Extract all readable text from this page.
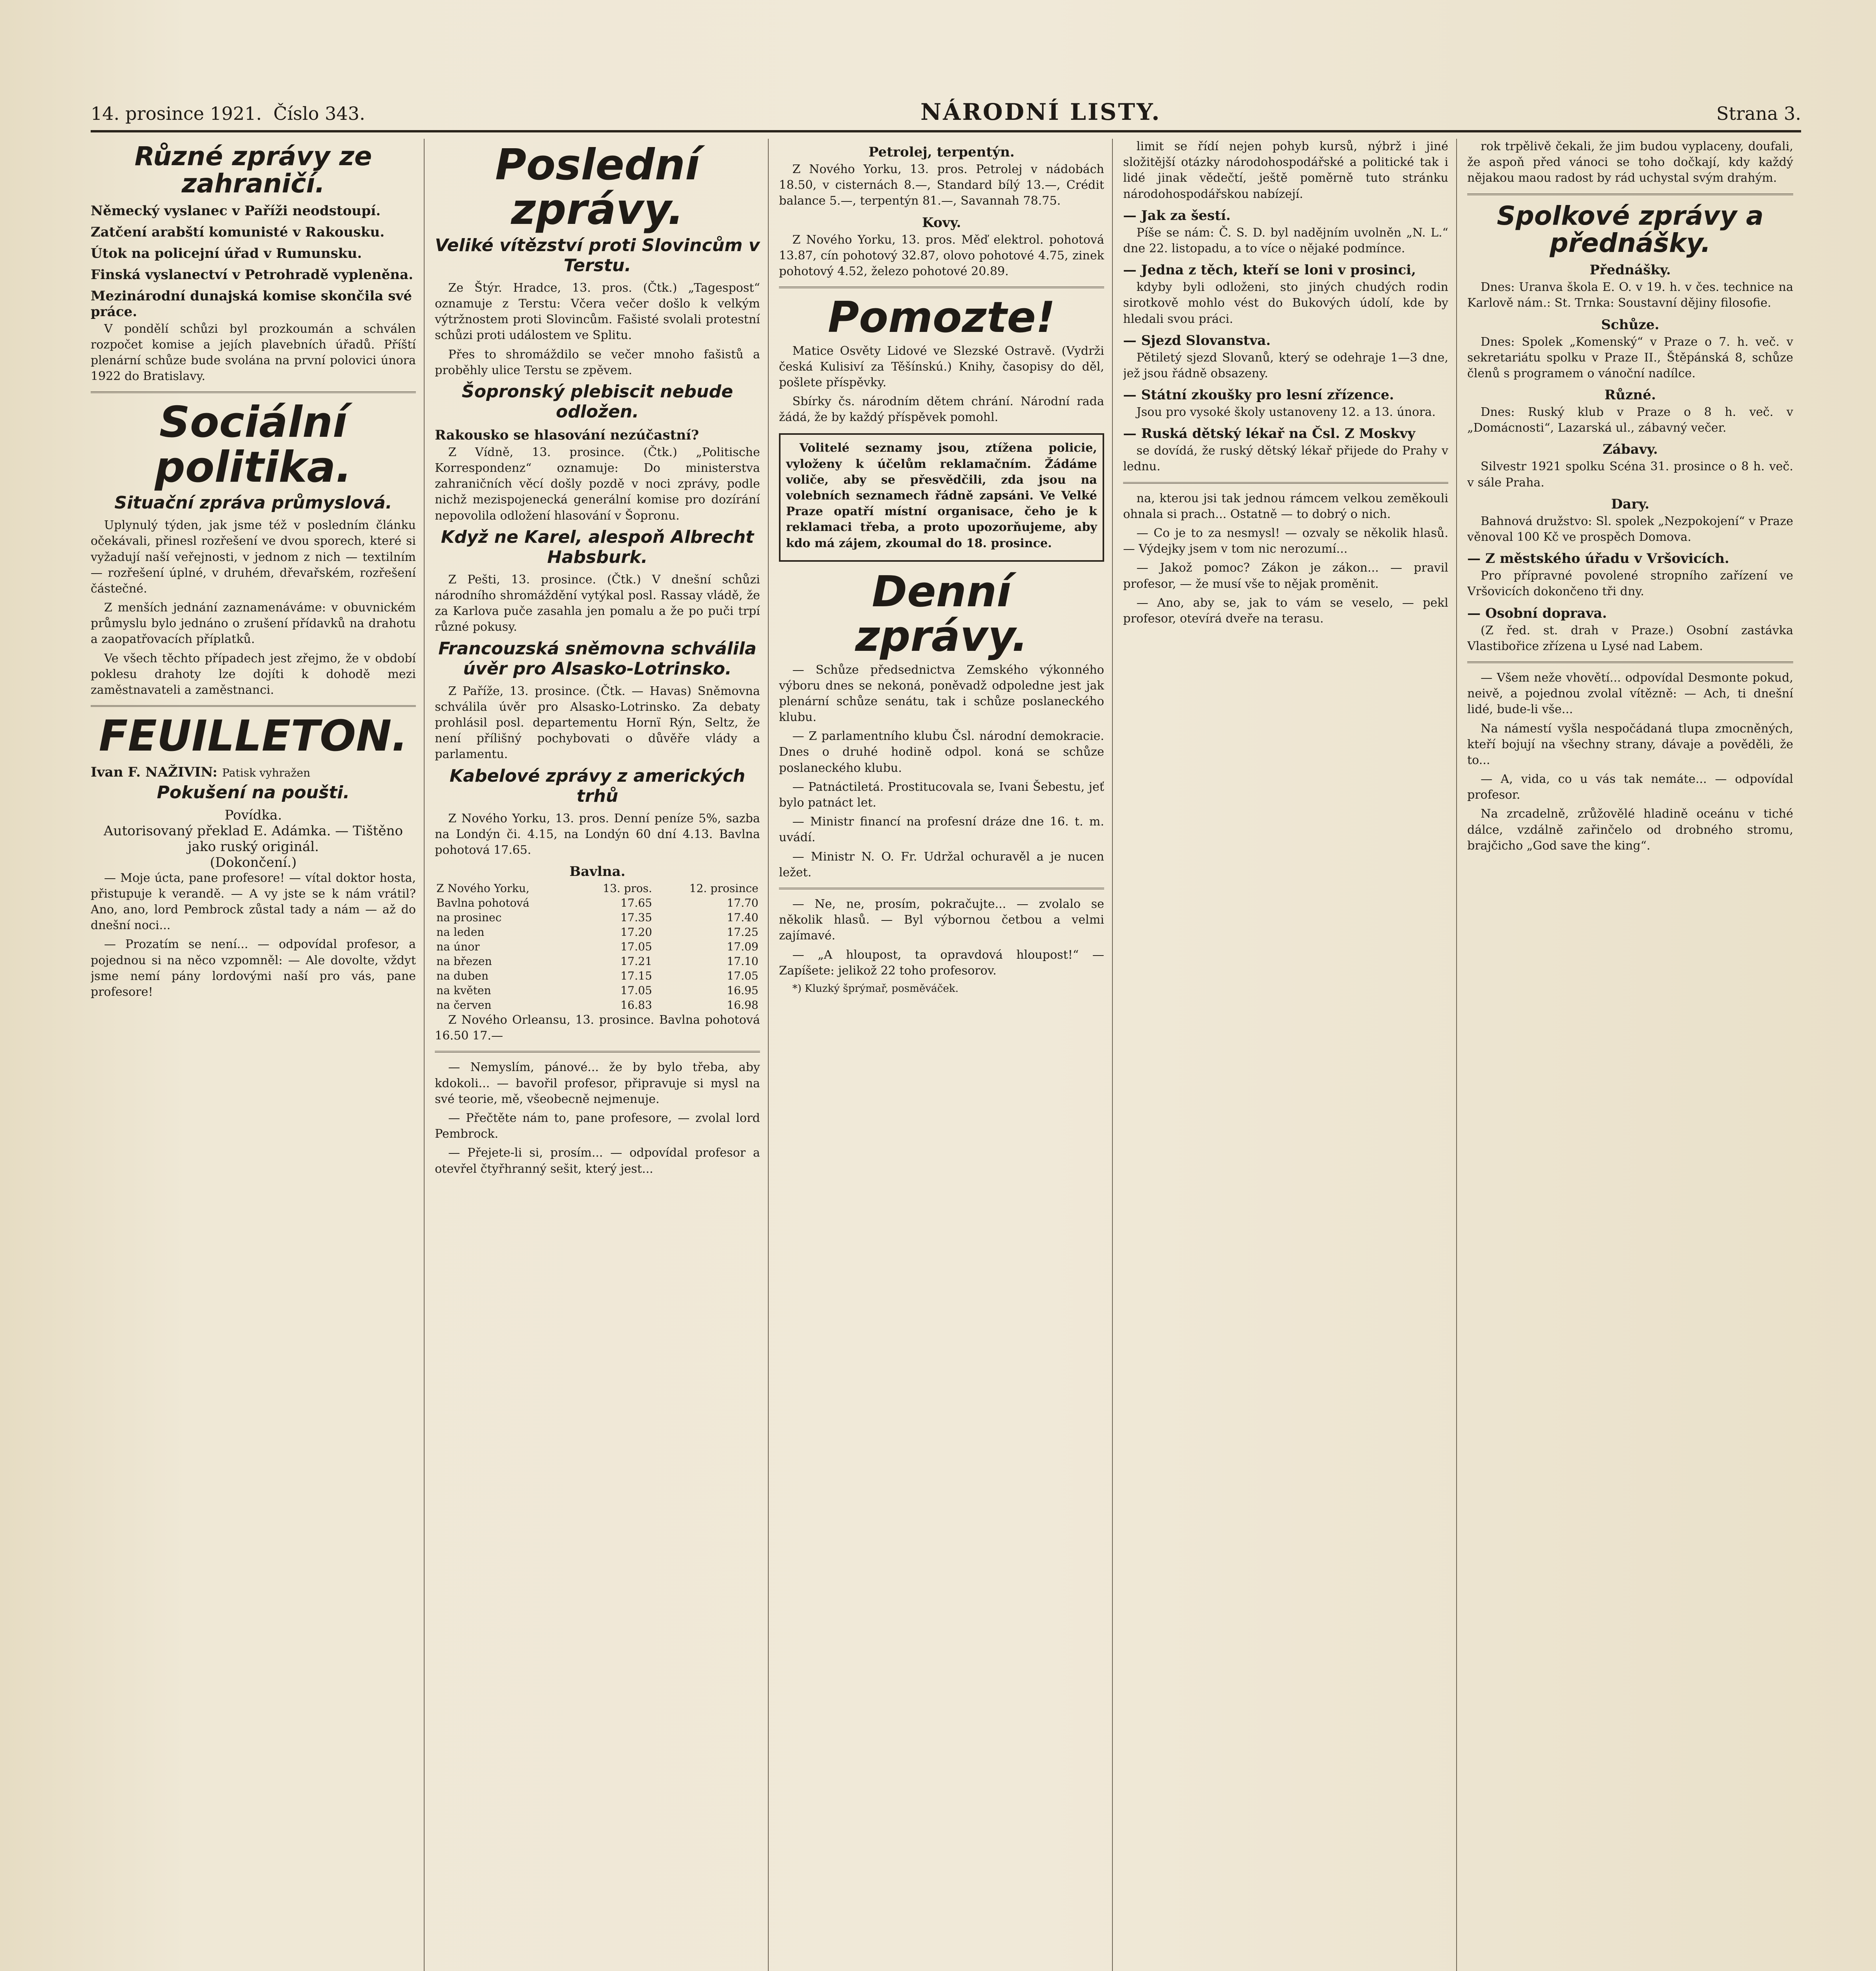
14. prosince 1921. Číslo 343.	NÁRODNÍ LISTY.	Strana 3.
Různé zprávy ze zahraničí.
Německý vyslanec v Paříži neodstoupí.
Zatčení arabští komunisté v Rakousku.
Útok na policejní úřad v Rumunsku.
Finská vyslanectví v Petrohradě vypleněna.
Mezinárodní dunajská komise skončila své práce.

V pondělí schůzi byl prozkoumán a schválen rozpočet komise a jejích plavebních úřadů. Příští plenární schůze bude svolána na první polovici února 1922 do Bratislavy.

Sociální politika.
Situační zpráva průmyslová.

Uplynulý týden, jak jsme též v posledním článku očekávali, přinesl rozřešení ve dvou sporech, které si vyžadují naší veřejnosti, v jednom z nich — textilním — rozřešení úplné, v druhém, dřevařském, rozřešení částečné.

Z menších jednání zaznamenáváme: v obuvnickém průmyslu bylo jednáno o zrušení přídavků na drahotu a zaopatřovacích příplatků.

Ve všech těchto případech jest zřejmo, že v období poklesu drahoty lze dojíti k dohodě mezi zaměstnavateli a zaměstnanci.

FEUILLETON.
Ivan F. NAŽIVIN: Patisk vyhražen
Pokušení na poušti.
Povídka.
Autorisovaný překlad E. Adámka. — Tištěno jako ruský originál.
(Dokončení.)

— Moje úcta, pane profesore! — vítal doktor hosta, přistupuje k verandě. — A vy jste se k nám vrátil? Ano, ano, lord Pembrock zůstal tady a nám — až do dnešní noci...

— Prozatím se není... — odpovídal profesor, a pojednou si na něco vzpomněl: — Ale dovolte, vždyt jsme nemí pány lordovými naší pro vás, pane profesore!

Poslední zprávy.
Veliké vítězství proti Slovincům v Terstu.

Ze Štýr. Hradce, 13. pros. (Čtk.) „Tagespost“ oznamuje z Terstu: Včera večer došlo k velkým výtržnostem proti Slovincům. Fašisté svolali protestní schůzi proti událostem ve Splitu.

Přes to shromáždilo se večer mnoho fašistů a proběhly ulice Terstu se zpěvem.

Šopronský plebiscit nebude odložen.
Rakousko se hlasování nezúčastní?

Z Vídně, 13. prosince. (Čtk.) „Politische Korrespondenz“ oznamuje: Do ministerstva zahraničních věcí došly pozdě v noci zprávy, podle nichž mezispojenecká generální komise pro dozírání nepovolila odložení hlasování v Šopronu.

Když ne Karel, alespoň Albrecht Habsburk.

Z Pešti, 13. prosince. (Čtk.) V dnešní schůzi národního shromáždění vytýkal posl. Rassay vládě, že za Karlova puče zasahla jen pomalu a že po puči trpí různé pokusy.

Francouzská sněmovna schválila úvěr pro Alsasko-Lotrinsko.

Z Paříže, 13. prosince. (Čtk. — Havas) Sněmovna schválila úvěr pro Alsasko-Lotrinsko. Za debaty prohlásil posl. departementu Hornï Rýn, Seltz, že není přílišný pochybovati o důvěře vlády a parlamentu.

Kabelové zprávy z amerických trhů

Z Nového Yorku, 13. pros. Denní peníze 5%, sazba na Londýn či. 4.15, na Londýn 60 dní 4.13. Bavlna pohotová 17.65.

Bavlna.
Z Nového Yorku,	13. pros.	12. prosince
Bavlna pohotová	17.65	17.70
na prosinec	17.35	17.40
na leden	17.20	17.25
na únor	17.05	17.09
na březen	17.21	17.10
na duben	17.15	17.05
na květen	17.05	16.95
na červen	16.83	16.98

Z Nového Orleansu, 13. prosince. Bavlna pohotová 16.50 17.—

— Nemyslím, pánové... že by bylo třeba, aby kdokoli... — bavořil profesor, připravuje si mysl na své teorie, mě, všeobecně nejmenuje.

— Přečtěte nám to, pane profesore, — zvolal lord Pembrock.

— Přejete-li si, prosím... — odpovídal profesor a otevřel čtyřhranný sešit, který jest...

Petrolej, terpentýn.

Z Nového Yorku, 13. pros. Petrolej v nádobách 18.50, v cisternách 8.—, Standard bílý 13.—, Crédit balance 5.—, terpentýn 81.—, Savannah 78.75.

Kovy.

Z Nového Yorku, 13. pros. Měď elektrol. pohotová 13.87, cín pohotový 32.87, olovo pohotové 4.75, zinek pohotový 4.52, železo pohotové 20.89.

Pomozte!

Matice Osvěty Lidové ve Slezské Ostravě. (Vydrži česká Kulisiví za Těšínskú.) Knihy, časopisy do děl, pošlete příspěvky.

Sbírky čs. národním dětem chrání. Národní rada žádá, že by každý příspěvek pomohl.

Volitelé seznamy jsou, ztížena policie, vyloženy k účelům reklamačním. Žádáme voliče, aby se přesvědčili, zda jsou na volebních seznamech řádně zapsáni. Ve Velké Praze opatří místní organisace, čeho je k reklamaci třeba, a proto upozorňujeme, aby kdo má zájem, zkoumal do 18. prosince.

Denní zprávy.

— Schůze předsednictva Zemského výkonného výboru dnes se nekoná, poněvadž odpoledne jest jak plenární schůze senátu, tak i schůze poslaneckého klubu.

— Z parlamentního klubu Čsl. národní demokracie. Dnes o druhé hodině odpol. koná se schůze poslaneckého klubu.

— Patnáctiletá. Prostitucovala se, Ivani Šebestu, jeť bylo patnáct let.

— Ministr financí na profesní dráze dne 16. t. m. uvádí.

— Ministr N. O. Fr. Udržal ochuravěl a je nucen ležet.

— Ne, ne, prosím, pokračujte... — zvolalo se několik hlasů. — Byl výbornou četbou a velmi zajímavé.

— „A hloupost, ta opravdová hloupost!“ — Zapíšete: jelikož 22 toho profesorov.

*) Kluzký šprýmař, posměváček.

limit se řídí nejen pohyb kursů, nýbrž i jiné složitější otázky národohospodářské a politické tak i lidé jinak vědečtí, ještě poměrně tuto stránku národohospodářskou nabízejí.

— Jak za šestí.

Píše se nám: Č. S. D. byl nadějním uvolněn „N. L.“ dne 22. listopadu, a to více o nějaké podmínce.

— Jedna z těch, kteří se loni v prosinci,

kdyby byli odloženi, sto jiných chudých rodin sirotkově mohlo vést do Bukových údolí, kde by hledali svou práci.

— Sjezd Slovanstva.

Pětiletý sjezd Slovanů, který se odehraje 1—3 dne, jež jsou řádně obsazeny.

— Státní zkoušky pro lesní zřízence.

Jsou pro vysoké školy ustanoveny 12. a 13. února.

— Ruská dětský lékař na Čsl. Z Moskvy

se dovídá, že ruský dětský lékař přijede do Prahy v lednu.

na, kterou jsi tak jednou rámcem velkou zeměkouli ohnala si prach... Ostatně — to dobrý o nich.

— Co je to za nesmysl! — ozvaly se několik hlasů. — Výdejky jsem v tom nic nerozumí...

— Jakož pomoc? Zákon je zákon... — pravil profesor, — že musí vše to nějak proměnit.

— Ano, aby se, jak to vám se veselo, — pekl profesor, otevírá dveře na terasu.

rok trpělivě čekali, že jim budou vyplaceny, doufali, že aspoň před vánoci se toho dočkají, kdy každý nějakou maou radost by rád uchystal svým drahým.

Spolkové zprávy a přednášky.
Přednášky.

Dnes: Uranva škola E. O. v 19. h. v čes. technice na Karlově nám.: St. Trnka: Soustavní dějiny filosofie.

Schůze.

Dnes: Spolek „Komenský“ v Praze o 7. h. več. v sekretariátu spolku v Praze II., Štěpánská 8, schůze členů s programem o vánoční nadílce.

Různé.

Dnes: Ruský klub v Praze o 8 h. več. v „Domácnosti“, Lazarská ul., zábavný večer.

Zábavy.

Silvestr 1921 spolku Scéna 31. prosince o 8 h. več. v sále Praha.

Dary.

Bahnová družstvo: Sl. spolek „Nezpokojení“ v Praze věnoval 100 Kč ve prospěch Domova.

— Z městského úřadu v Vršovicích.

Pro přípravné povolené stropního zařízení ve Vršovicích dokončeno tři dny.

— Osobní doprava.

(Z řed. st. drah v Praze.) Osobní zastávka Vlastibořice zřízena u Lysé nad Labem.

— Všem neže vhovětí... odpovídal Desmonte pokud, neivě, a pojednou zvolal vítězně: — Ach, ti dnešní lidé, bude-li vše...

Na námestí vyšla nespočádaná tlupa zmocněných, kteří bojují na všechny strany, dávaje a pověděli, že to...

— A, vida, co u vás tak nemáte... — odpovídal profesor.

Na zrcadelně, zrůžovělé hladině oceánu v tiché dálce, vzdálně zařinčelo od drobného stromu, brajčicho „God save the king“.
